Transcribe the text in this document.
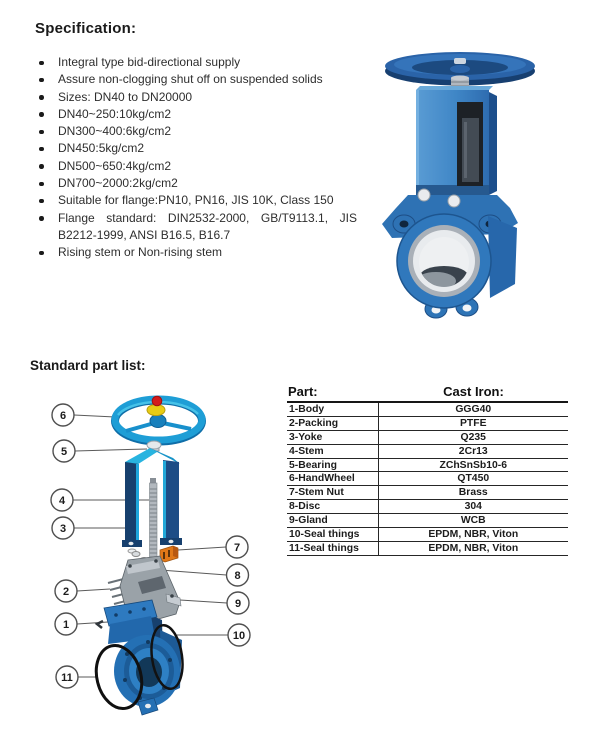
Specification:
Integral type bid-directional supply
Assure non-clogging shut off on suspended solids
Sizes: DN40 to DN20000
DN40~250:10kg/cm2
DN300~400:6kg/cm2
DN450:5kg/cm2
DN500~650:4kg/cm2
DN700~2000:2kg/cm2
Suitable for flange:PN10, PN16, JIS 10K, Class 150
Flange standard: DIN2532-2000, GB/T9113.1, JIS B2212-1999, ANSI B16.5, B16.7
Rising stem or Non-rising stem
Standard part list:
6
5
4
3
7
8
2
9
1
10
11
Part:	Cast Iron:
1-Body	GGG40
2-Packing	PTFE
3-Yoke	Q235
4-Stem	2Cr13
5-Bearing	ZChSnSb10-6
6-HandWheel	QT450
7-Stem Nut	Brass
8-Disc	304
9-Gland	WCB
10-Seal things	EPDM, NBR, Viton
11-Seal things	EPDM, NBR, Viton
